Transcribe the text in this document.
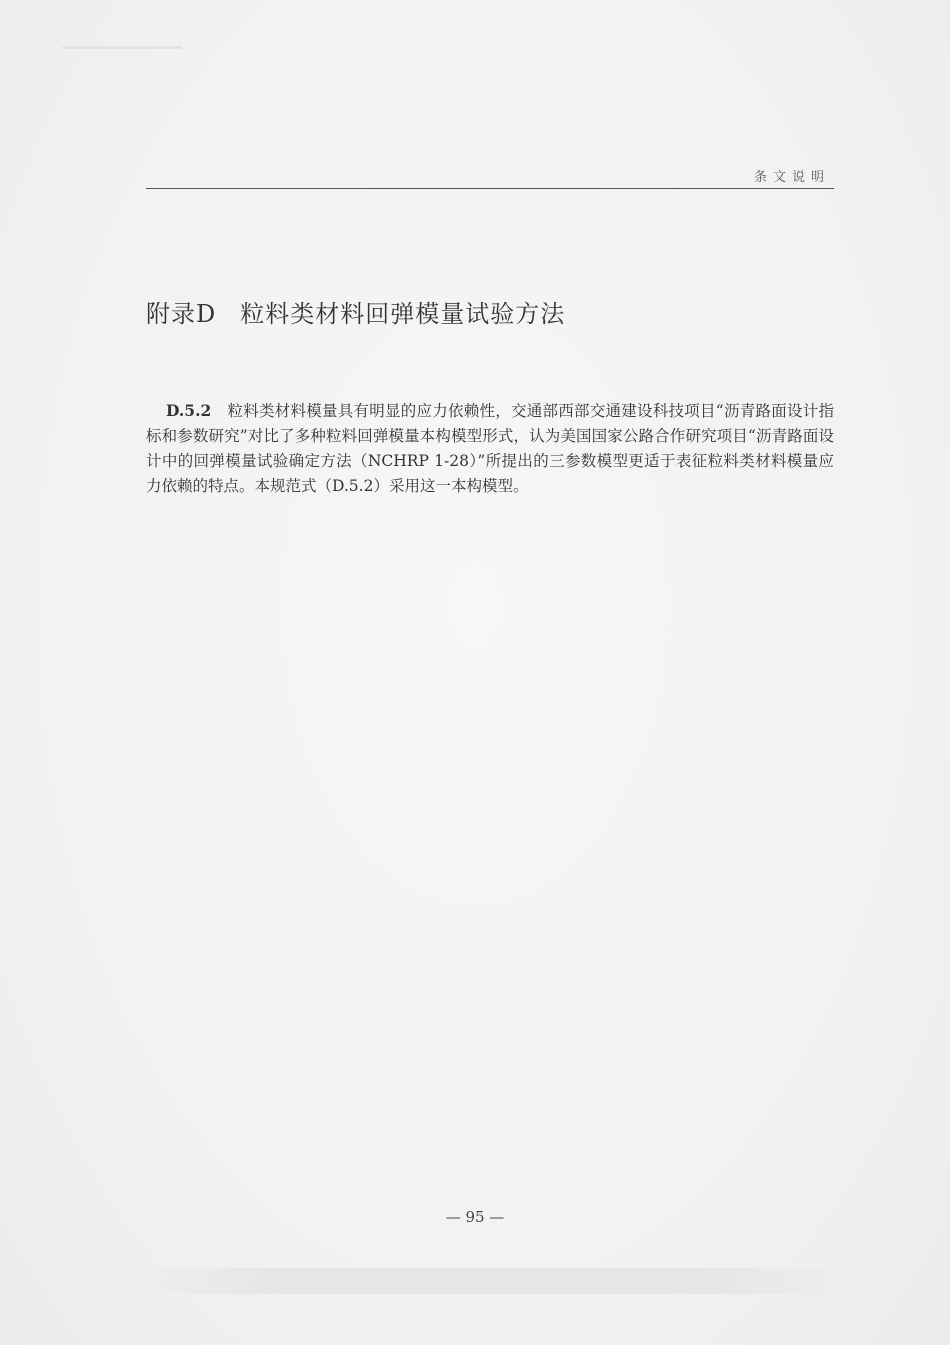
条文说明
附录D 粒料类材料回弹模量试验方法
D.5.2 粒料类材料模量具有明显的应力依赖性，交通部西部交通建设科技项目“沥青路面设计指标和参数研究”对比了多种粒料回弹模量本构模型形式，认为美国国家公路合作研究项目“沥青路面设计中的回弹模量试验确定方法（NCHRP 1-28）”所提出的三参数模型更适于表征粒料类材料模量应力依赖的特点。本规范式（D.5.2）采用这一本构模型。
— 95 —
